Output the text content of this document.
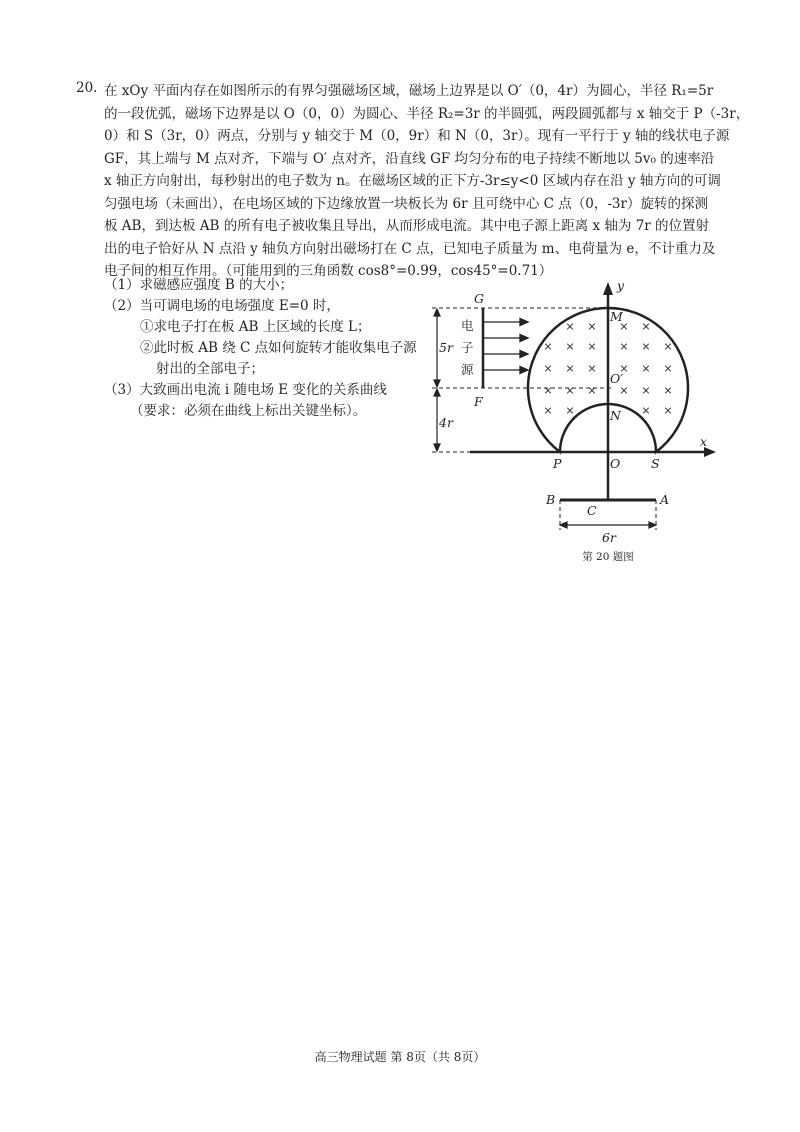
20. 在 xOy 平面内存在如图所示的有界匀强磁场区域，磁场上边界是以 O′（0，4r）为圆心，半径 R₁=5r
的一段优弧，磁场下边界是以 O（0，0）为圆心、半径 R₂=3r 的半圆弧，两段圆弧都与 x 轴交于 P（-3r，
0）和 S（3r，0）两点，分别与 y 轴交于 M（0，9r）和 N（0，3r）。现有一平行于 y 轴的线状电子源
GF，其上端与 M 点对齐，下端与 O′ 点对齐，沿直线 GF 均匀分布的电子持续不断地以 5v₀ 的速率沿
x 轴正方向射出，每秒射出的电子数为 n。在磁场区域的正下方-3r≤y<0 区域内存在沿 y 轴方向的可调
匀强电场（未画出），在电场区域的下边缘放置一块板长为 6r 且可绕中心 C 点（0，-3r）旋转的探测
板 AB，到达板 AB 的所有电子被收集且导出，从而形成电流。其中电子源上距离 x 轴为 7r 的位置射
出的电子恰好从 N 点沿 y 轴负方向射出磁场打在 C 点，已知电子质量为 m、电荷量为 e，不计重力及
电子间的相互作用。（可能用到的三角函数 cos8°=0.99，cos45°=0.71）
（1）求磁感应强度 B 的大小；
（2）当可调电场的电场强度 E=0 时，
①求电子打在板 AB 上区域的长度 L；
②此时板 AB 绕 C 点如何旋转才能收集电子源
射出的全部电子；
（3）大致画出电流 i 随电场 E 变化的关系曲线
（要求：必须在曲线上标出关键坐标）。
× × × ×
× × × × × ×
× × × × × ×
× × × × × ×
× ×	× ×
y
x
G
F
M
O′
N
P	O S
B	A
C
5r
4r
6r
电
子
源
第 20 题图
高三物理试题 第 8页（共 8页）
